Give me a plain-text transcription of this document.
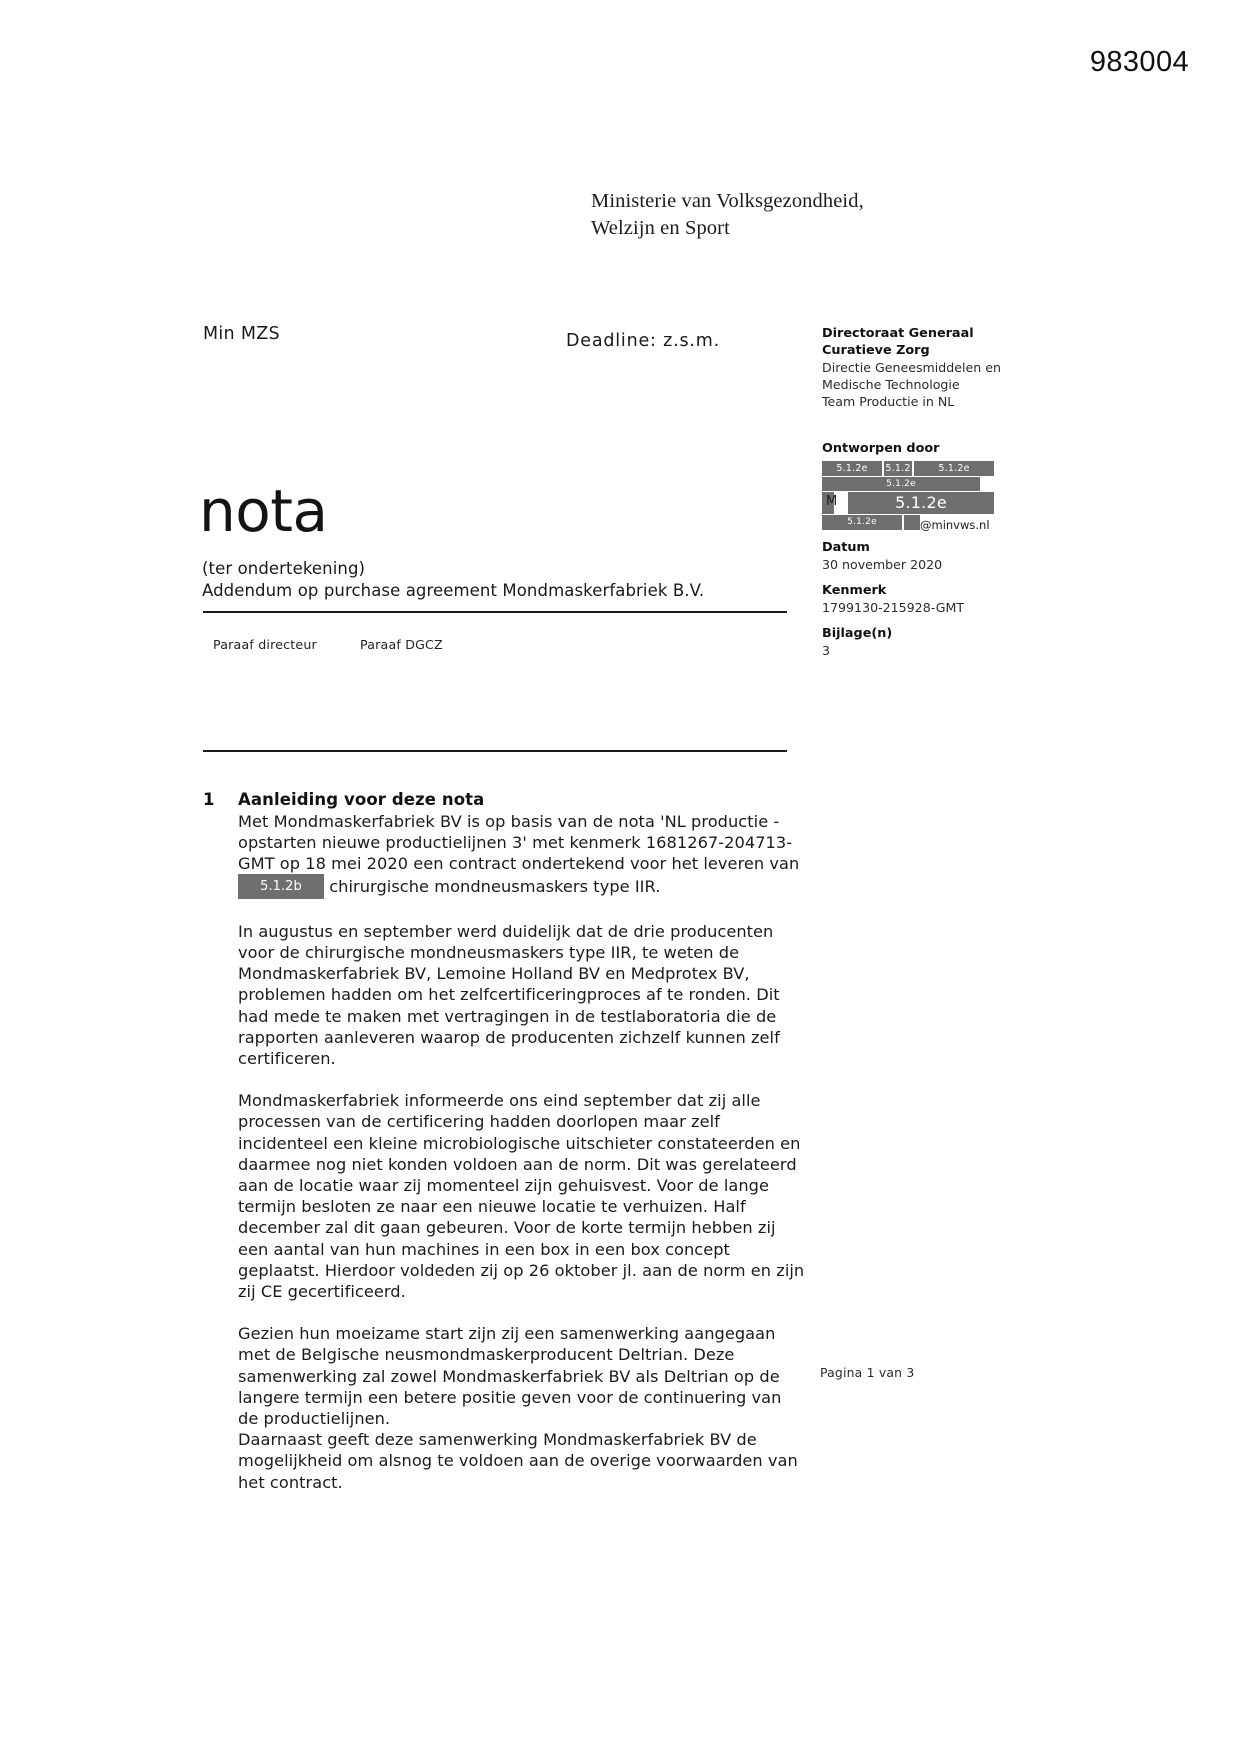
983004
Ministerie van Volksgezondheid,
Welzijn en Sport
Min MZS	Deadline: z.s.m.	Directoraat Generaal
Curatieve Zorg
Directie Geneesmiddelen en
Medische Technologie
Team Productie in NL
Ontworpen door
5.1.2e	5.1.2	5.1.2e
5.1.2e
5.1.2e
5.1.2e
M
@minvws.nl
Datum
30 november 2020
Kenmerk
1799130-215928-GMT
Bijlage(n)
3
nota
(ter ondertekening)
Addendum op purchase agreement Mondmaskerfabriek B.V.
Paraaf directeur	Paraaf DGCZ
1 Aanleiding voor deze nota

Met Mondmaskerfabriek BV is op basis van de nota 'NL productie - opstarten nieuwe productielijnen 3' met kenmerk 1681267-204713-GMT op 18 mei 2020 een contract ondertekend voor het leveren van 5.1.2b chirurgische mondneusmaskers type IIR.

In augustus en september werd duidelijk dat de drie producenten voor de chirurgische mondneusmaskers type IIR, te weten de Mondmaskerfabriek BV, Lemoine Holland BV en Medprotex BV, problemen hadden om het zelfcertificeringproces af te ronden. Dit had mede te maken met vertragingen in de testlaboratoria die de rapporten aanleveren waarop de producenten zichzelf kunnen zelf certificeren.

Mondmaskerfabriek informeerde ons eind september dat zij alle processen van de certificering hadden doorlopen maar zelf incidenteel een kleine microbiologische uitschieter constateerden en daarmee nog niet konden voldoen aan de norm. Dit was gerelateerd aan de locatie waar zij momenteel zijn gehuisvest. Voor de lange termijn besloten ze naar een nieuwe locatie te verhuizen. Half december zal dit gaan gebeuren. Voor de korte termijn hebben zij een aantal van hun machines in een box in een box concept geplaatst. Hierdoor voldeden zij op 26 oktober jl. aan de norm en zijn zij CE gecertificeerd.

Gezien hun moeizame start zijn zij een samenwerking aangegaan met de Belgische neusmondmaskerproducent Deltrian. Deze samenwerking zal zowel Mondmaskerfabriek BV als Deltrian op de langere termijn een betere positie geven voor de continuering van de productielijnen.

Daarnaast geeft deze samenwerking Mondmaskerfabriek BV de mogelijkheid om alsnog te voldoen aan de overige voorwaarden van het contract.

Pagina 1 van 3
